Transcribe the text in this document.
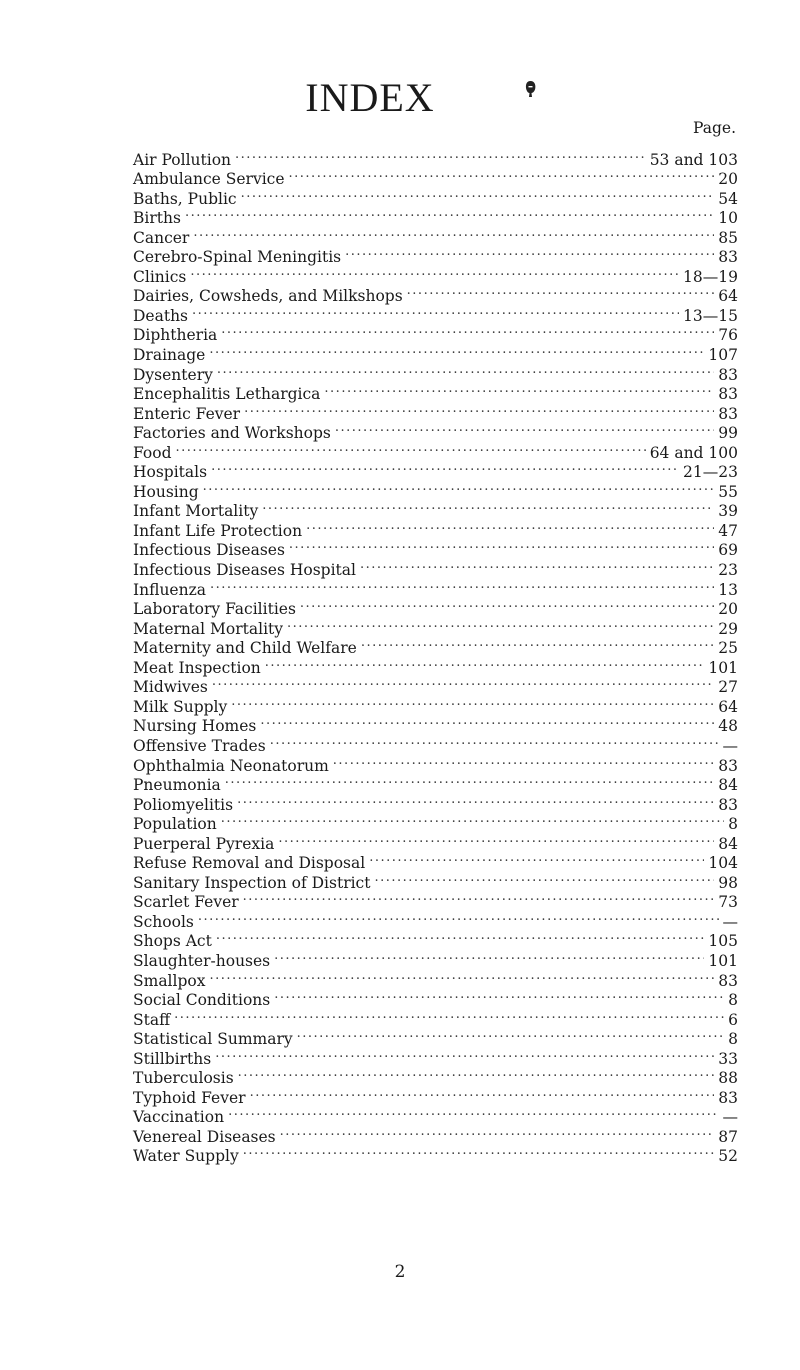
INDEX
Page.
Air Pollution .....	53 and 103
Ambulance Service .....	20
Baths, Public .....	54
Births .....	10
Cancer .....	85
Cerebro-Spinal Meningitis .....	83
Clinics .....	18—19
Dairies, Cowsheds, and Milkshops .....	64
Deaths .....	13—15
Diphtheria .....	76
Drainage .....	107
Dysentery .....	83
Encephalitis Lethargica .....	83
Enteric Fever .....	83
Factories and Workshops .....	99
Food .....	64 and 100
Hospitals .....	21—23
Housing .....	55
Infant Mortality .....	39
Infant Life Protection .....	47
Infectious Diseases .....	69
Infectious Diseases Hospital .....	23
Influenza .....	13
Laboratory Facilities .....	20
Maternal Mortality .....	29
Maternity and Child Welfare .....	25
Meat Inspection .....	101
Midwives .....	27
Milk Supply .....	64
Nursing Homes .....	48
Offensive Trades .....	—
Ophthalmia Neonatorum .....	83
Pneumonia .....	84
Poliomyelitis .....	83
Population .....	8
Puerperal Pyrexia .....	84
Refuse Removal and Disposal .....	104
Sanitary Inspection of District .....	98
Scarlet Fever .....	73
Schools .....	—
Shops Act .....	105
Slaughter-houses .....	101
Smallpox .....	83
Social Conditions .....	8
Staff .....	6
Statistical Summary .....	8
Stillbirths .....	33
Tuberculosis .....	88
Typhoid Fever .....	83
Vaccination .....	—
Venereal Diseases .....	87
Water Supply .....	52
2
